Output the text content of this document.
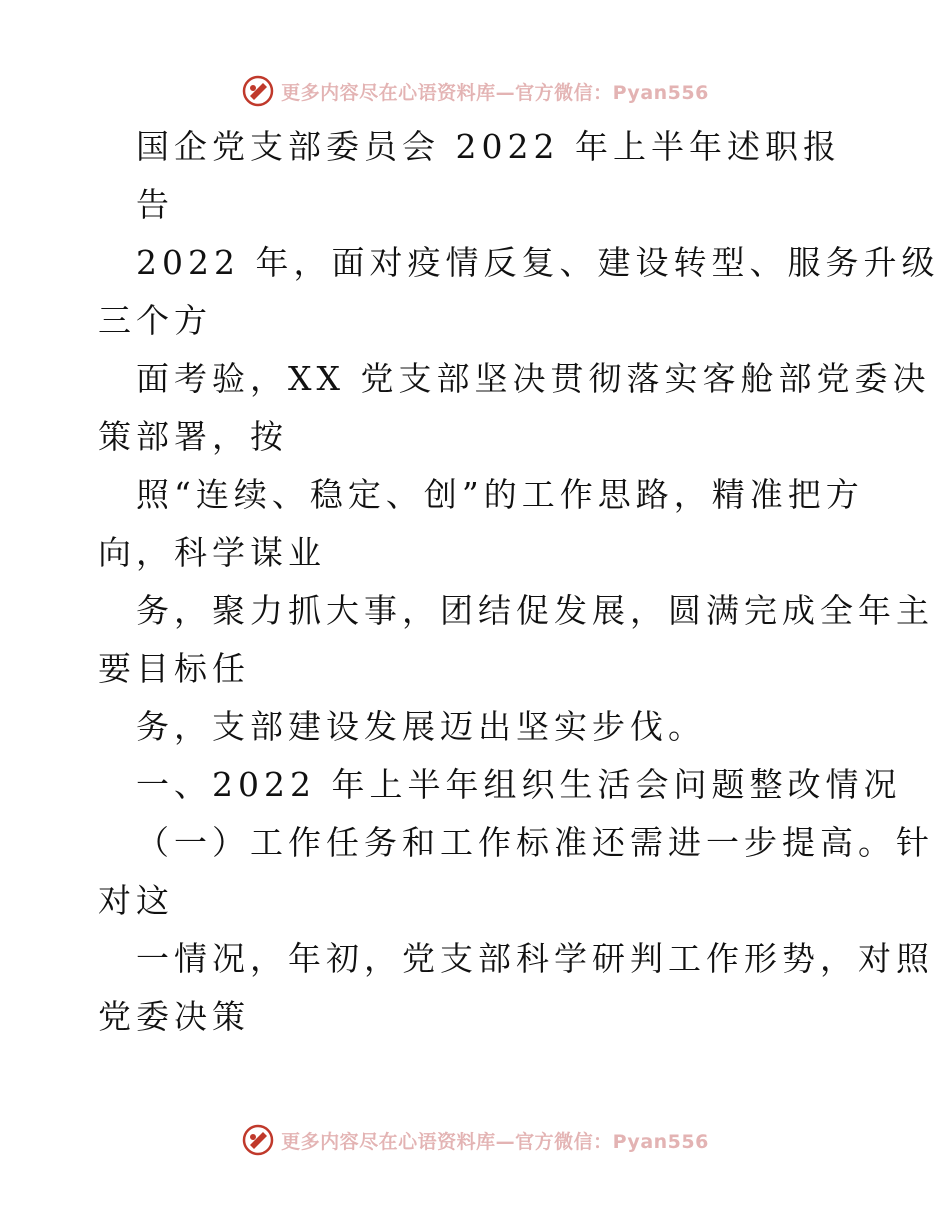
更多内容尽在心语资料库—官方微信：Pyan556
国企党支部委员会 2022 年上半年述职报
告
2022 年，面对疫情反复、建设转型、服务升级
三个方
面考验，XX 党支部坚决贯彻落实客舱部党委决
策部署，按
照“连续、稳定、创”的工作思路，精准把方
向，科学谋业
务，聚力抓大事，团结促发展，圆满完成全年主
要目标任
务，支部建设发展迈出坚实步伐。
一、2022 年上半年组织生活会问题整改情况
（一）工作任务和工作标准还需进一步提高。针
对这
一情况，年初，党支部科学研判工作形势，对照
党委决策
更多内容尽在心语资料库—官方微信：Pyan556
